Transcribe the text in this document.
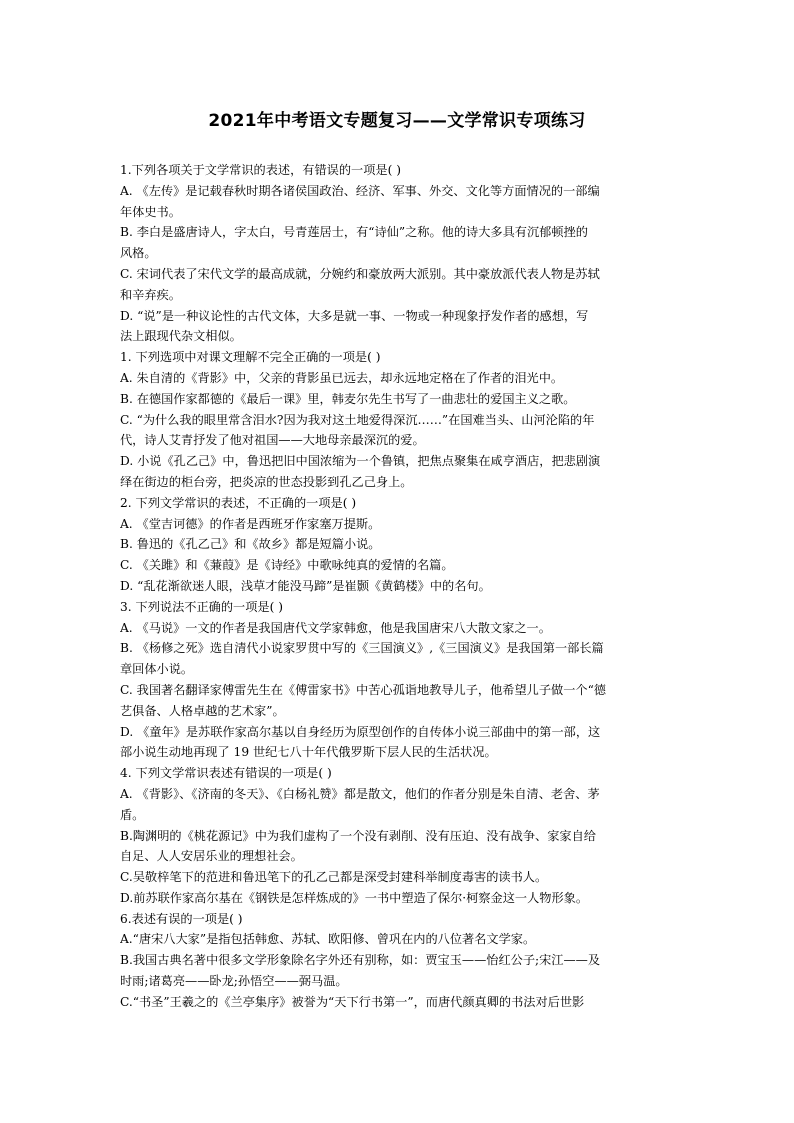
2021年中考语文专题复习——文学常识专项练习
1.下列各项关于文学常识的表述，有错误的一项是( )
A. 《左传》是记载春秋时期各诸侯国政治、经济、军事、外交、文化等方面情况的一部编
年体史书。
B. 李白是盛唐诗人，字太白，号青莲居士，有“诗仙”之称。他的诗大多具有沉郁顿挫的
风格。
C. 宋词代表了宋代文学的最高成就，分婉约和豪放两大派别。其中豪放派代表人物是苏轼
和辛弃疾。
D. “说”是一种议论性的古代文体，大多是就一事、一物或一种现象抒发作者的感想，写
法上跟现代杂文相似。
1. 下列选项中对课文理解不完全正确的一项是( )
A. 朱自清的《背影》中，父亲的背影虽已远去，却永远地定格在了作者的泪光中。
B. 在德国作家都德的《最后一课》里，韩麦尔先生书写了一曲悲壮的爱国主义之歌。
C. “为什么我的眼里常含泪水?因为我对这土地爱得深沉……”在国难当头、山河沦陷的年
代，诗人艾青抒发了他对祖国——大地母亲最深沉的爱。
D. 小说《孔乙己》中，鲁迅把旧中国浓缩为一个鲁镇，把焦点聚集在咸亨酒店，把悲剧演
绎在街边的柜台旁，把炎凉的世态投影到孔乙己身上。
2. 下列文学常识的表述，不正确的一项是( )
A. 《堂吉诃德》的作者是西班牙作家塞万提斯。
B. 鲁迅的《孔乙己》和《故乡》都是短篇小说。
C. 《关雎》和《蒹葭》是《诗经》中歌咏纯真的爱情的名篇。
D. “乱花渐欲迷人眼，浅草才能没马蹄”是崔颢《黄鹤楼》中的名句。
3. 下列说法不正确的一项是( )
A. 《马说》一文的作者是我国唐代文学家韩愈，他是我国唐宋八大散文家之一。
B. 《杨修之死》选自清代小说家罗贯中写的《三国演义》,《三国演义》是我国第一部长篇
章回体小说。
C. 我国著名翻译家傅雷先生在《傅雷家书》中苦心孤诣地教导儿子，他希望儿子做一个“德
艺俱备、人格卓越的艺术家”。
D. 《童年》是苏联作家高尔基以自身经历为原型创作的自传体小说三部曲中的第一部，这
部小说生动地再现了 19 世纪七八十年代俄罗斯下层人民的生活状况。
4. 下列文学常识表述有错误的一项是( )
A. 《背影》、《济南的冬天》、《白杨礼赞》都是散文，他们的作者分别是朱自清、老舍、茅
盾。
B.陶渊明的《桃花源记》中为我们虚构了一个没有剥削、没有压迫、没有战争、家家自给
自足、人人安居乐业的理想社会。
C.吴敬梓笔下的范进和鲁迅笔下的孔乙己都是深受封建科举制度毒害的读书人。
D.前苏联作家高尔基在《钢铁是怎样炼成的》一书中塑造了保尔·柯察金这一人物形象。
6.表述有误的一项是( )
A.“唐宋八大家”是指包括韩愈、苏轼、欧阳修、曾巩在内的八位著名文学家。
B.我国古典名著中很多文学形象除名字外还有别称，如：贾宝玉——怡红公子;宋江——及
时雨;诸葛亮——卧龙;孙悟空——弼马温。
C.“书圣”王羲之的《兰亭集序》被誉为“天下行书第一”，而唐代颜真卿的书法对后世影
